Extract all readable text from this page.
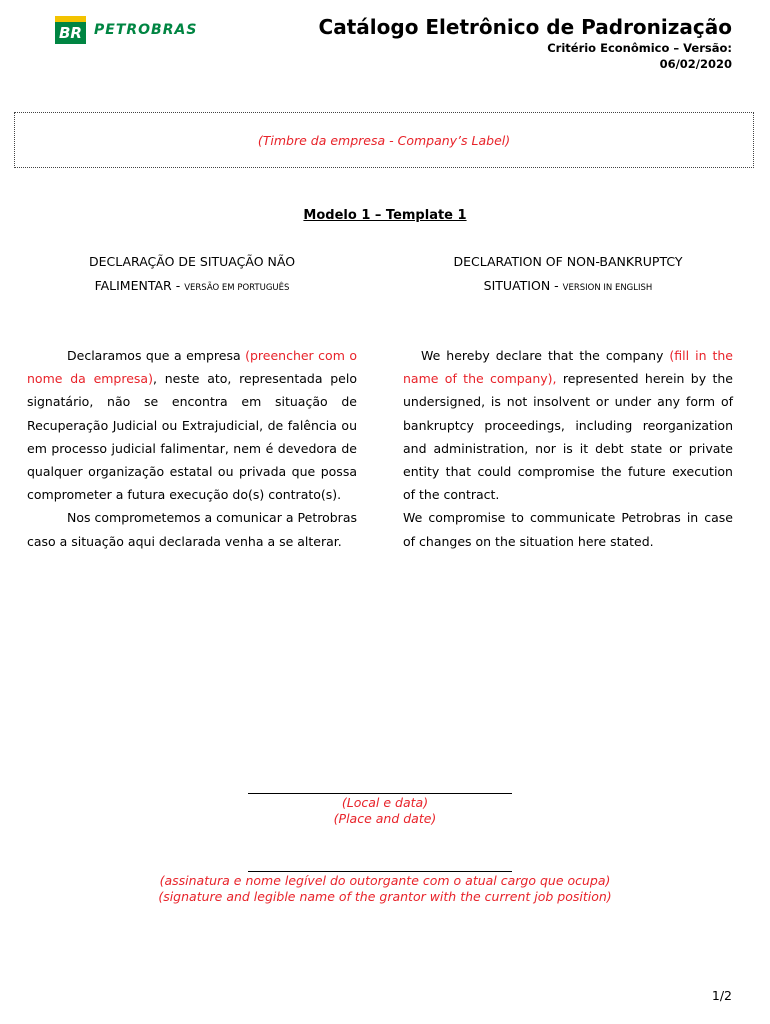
BR PETROBRAS	Catálogo Eletrônico de Padronização
Critério Econômico – Versão:
06/02/2020
(Timbre da empresa - Company’s Label)
Modelo 1 – Template 1
DECLARAÇÃO DE SITUAÇÃO NÃO
FALIMENTAR - VERSÃO EM PORTUGUÊS
DECLARATION OF NON-BANKRUPTCY
SITUATION - VERSION IN ENGLISH

Declaramos que a empresa (preencher com o nome da empresa), neste ato, representada pelo signatário, não se encontra em situação de Recuperação Judicial ou Extrajudicial, de falência ou em processo judicial falimentar, nem é devedora de qualquer organização estatal ou privada que possa comprometer a futura execução do(s) contrato(s).

Nos comprometemos a comunicar a Petrobras caso a situação aqui declarada venha a se alterar.

We hereby declare that the company (fill in the name of the company), represented herein by the undersigned, is not insolvent or under any form of bankruptcy proceedings, including reorganization and administration, nor is it debt state or private entity that could compromise the future execution of the contract.

We compromise to communicate Petrobras in case of changes on the situation here stated.

(Local e data)
(Place and date)
(assinatura e nome legível do outorgante com o atual cargo que ocupa)
(signature and legible name of the grantor with the current job position)
1/2
